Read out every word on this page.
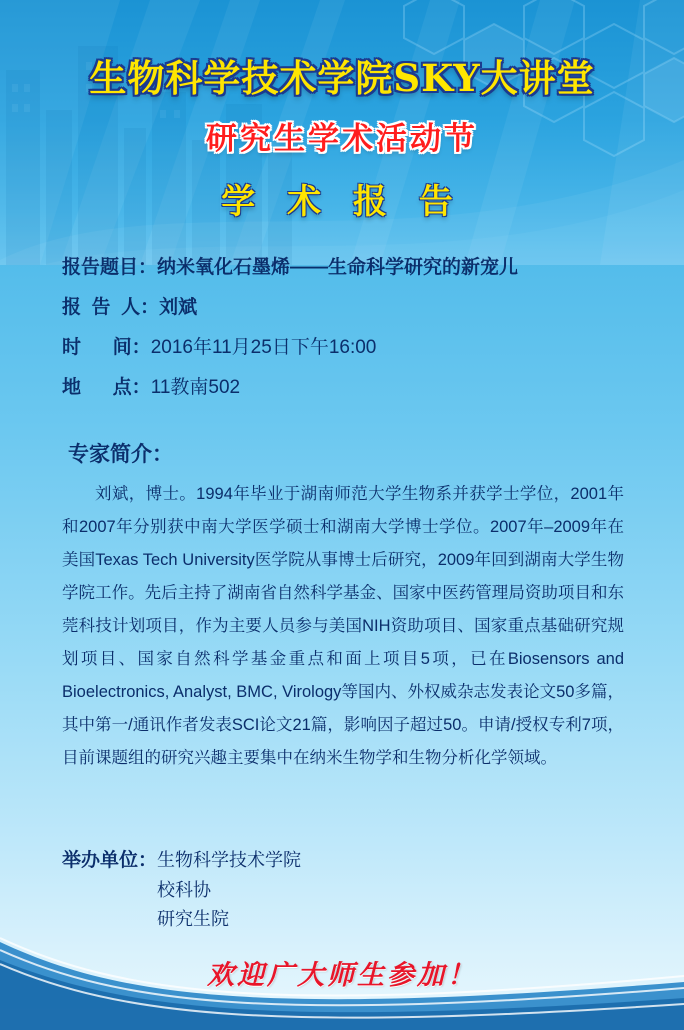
生物科学技术学院SKY大讲堂
研究生学术活动节
学 术 报 告
报告题目： 纳米氧化石墨烯——生命科学研究的新宠儿
报  告  人： 刘斌
时      间： 2016年11月25日下午16:00
地      点： 11教南502
专家简介：
刘斌，博士。1994年毕业于湖南师范大学生物系并获学士学位，2001年和2007年分别获中南大学医学硕士和湖南大学博士学位。2007年–2009年在美国Texas Tech University医学院从事博士后研究，2009年回到湖南大学生物学院工作。先后主持了湖南省自然科学基金、国家中医药管理局资助项目和东莞科技计划项目，作为主要人员参与美国NIH资助项目、国家重点基础研究规划项目、国家自然科学基金重点和面上项目5项，已在Biosensors and Bioelectronics, Analyst, BMC, Virology等国内、外权威杂志发表论文50多篇，其中第一/通讯作者发表SCI论文21篇，影响因子超过50。申请/授权专利7项，目前课题组的研究兴趣主要集中在纳米生物学和生物分析化学领域。
举办单位： 生物科学技术学院
校科协
研究生院
欢迎广大师生参加！
